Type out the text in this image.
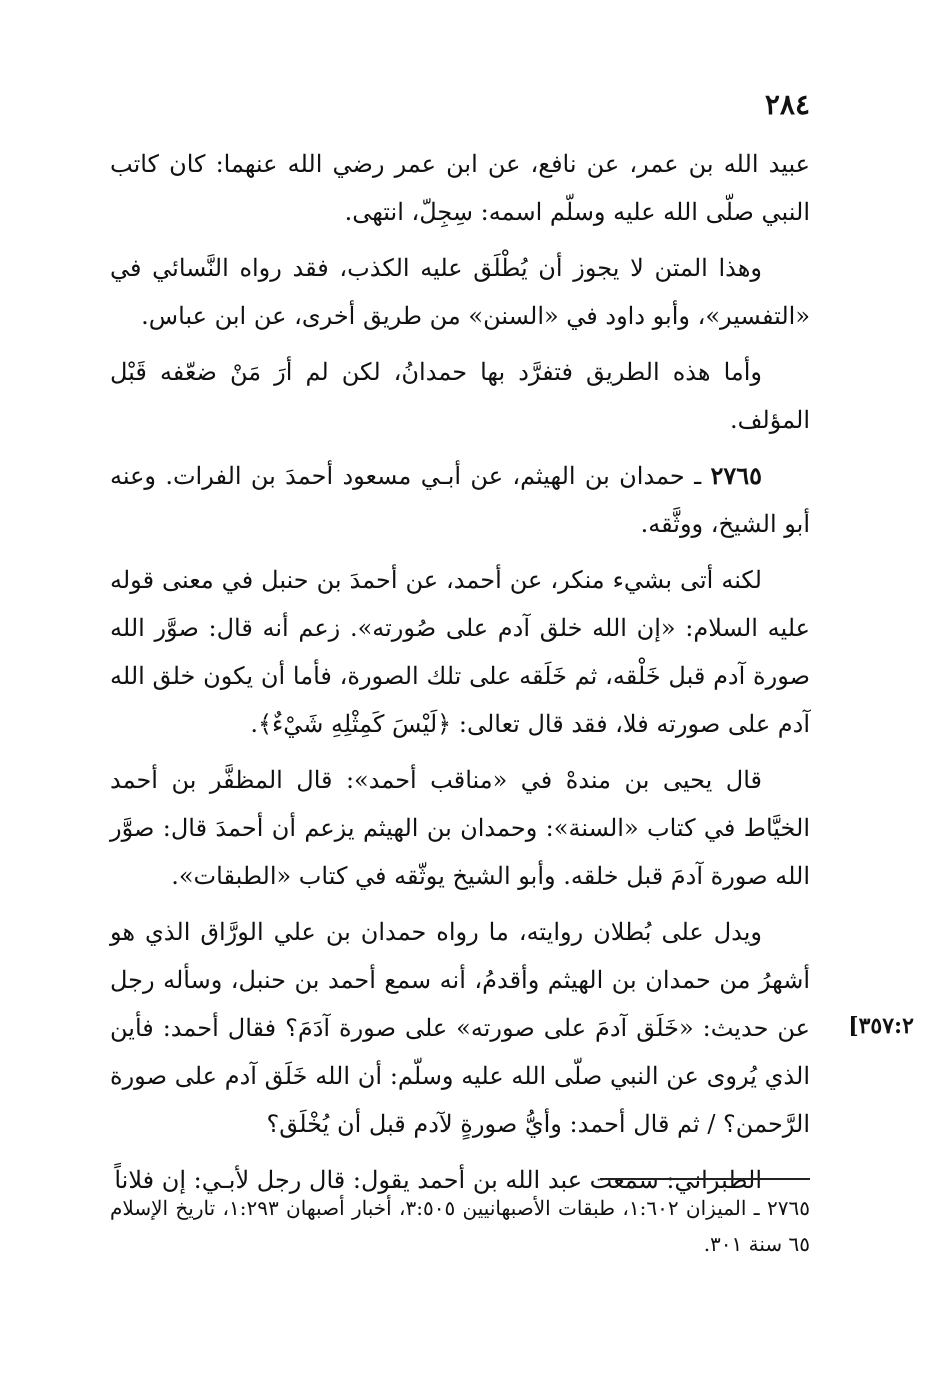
٢٨٤

عبيد الله بن عمر، عن نافع، عن ابن عمر رضي الله عنهما: كان كاتب النبي صلّى الله عليه وسلّم اسمه: سِجِلّ، انتهى.

وهذا المتن لا يجوز أن يُطْلَق عليه الكذب، فقد رواه النَّسائي في «التفسير»، وأبو داود في «السنن» من طريق أخرى، عن ابن عباس.

وأما هذه الطريق فتفرَّد بها حمدانُ، لكن لم أرَ مَنْ ضعّفه قَبْل المؤلف.

٢٧٦٥ ـ حمدان بن الهيثم، عن أبـي مسعود أحمدَ بن الفرات. وعنه أبو الشيخ، ووثَّقه.

لكنه أتى بشيء منكر، عن أحمد، عن أحمدَ بن حنبل في معنى قوله عليه السلام: «إن الله خلق آدم على صُورته». زعم أنه قال: صوَّر الله صورة آدم قبل خَلْقه، ثم خَلَقه على تلك الصورة، فأما أن يكون خلق الله آدم على صورته فلا، فقد قال تعالى: ﴿لَيْسَ كَمِثْلِهِ شَيْءٌ﴾.

قال يحيى بن مندهْ في «مناقب أحمد»: قال المظفَّر بن أحمد الخيَّاط في كتاب «السنة»: وحمدان بن الهيثم يزعم أن أحمدَ قال: صوَّر الله صورة آدمَ قبل خلقه. وأبو الشيخ يوثّقه في كتاب «الطبقات».

ويدل على بُطلان روايته، ما رواه حمدان بن علي الورَّاق الذي هو أشهرُ من حمدان بن الهيثم وأقدمُ، أنه سمع أحمد بن حنبل، وسأله رجل عن حديث: «خَلَق آدمَ على صورته» على صورة آدَمَ؟ فقال أحمد: فأين الذي يُروى عن النبي صلّى الله عليه وسلّم: أن الله خَلَق آدم على صورة الرَّحمن؟ / ثم قال أحمد: وأيُّ صورةٍ لآدم قبل أن يُخْلَق؟

الطبراني: سمعت عبد الله بن أحمد يقول: قال رجل لأبـي: إن فلاناً

[٣٥٧:٢
٢٧٦٥ ـ الميزان ١:٦٠٢، طبقات الأصبهانيين ٣:٥٠٥، أخبار أصبهان ١:٢٩٣، تاريخ الإسلام ٦٥ سنة ٣٠١.
